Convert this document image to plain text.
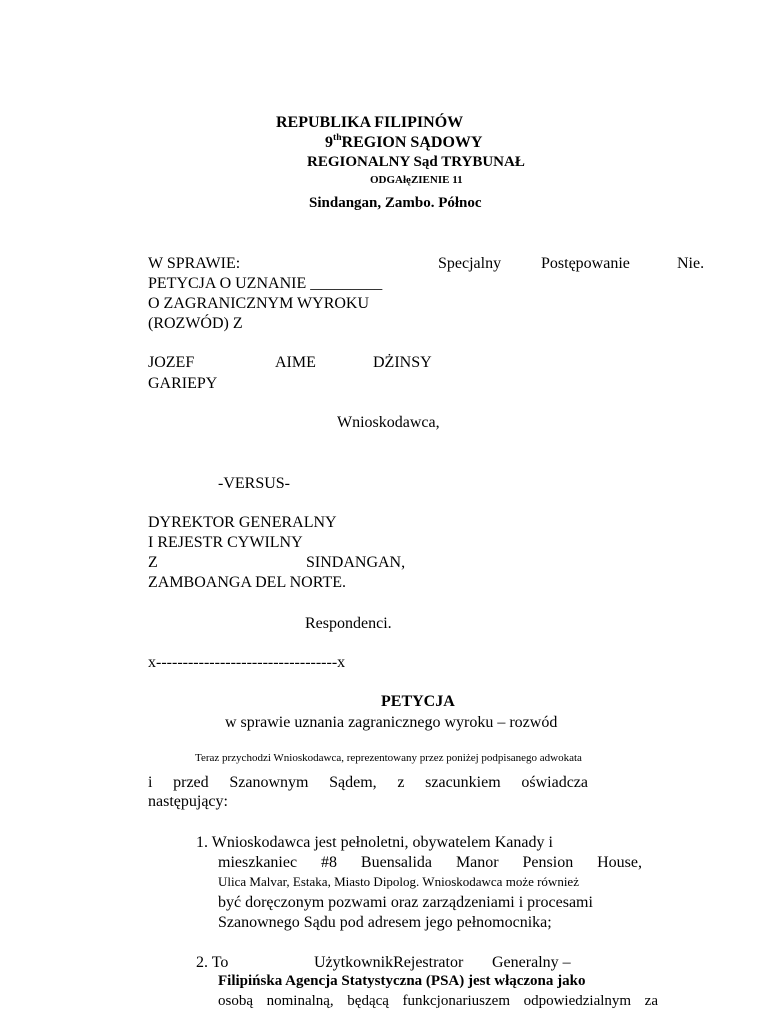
REPUBLIKA FILIPINÓW
9thREGION SĄDOWY
REGIONALNY Sąd TRYBUNAŁ
ODGAłęZIENIE 11
Sindangan, Zambo. Północ
W SPRAWIE:	Specjalny Postępowanie	Nie.
PETYCJA O UZNANIE _________
O ZAGRANICZNYM WYROKU
(ROZWÓD) Z
JOZEF	AIME	DŻINSY
GARIEPY
Wnioskodawca,
-VERSUS-
DYREKTOR GENERALNY
I REJESTR CYWILNY
Z	SINDANGAN,
ZAMBOANGA DEL NORTE.
Respondenci.
x----------------------------------x
PETYCJA
w sprawie uznania zagranicznego wyroku – rozwód
Teraz przychodzi Wnioskodawca, reprezentowany przez poniżej podpisanego adwokata
i przed Szanownym Sądem, z szacunkiem oświadcza
następujący:
1. Wnioskodawca jest pełnoletni, obywatelem Kanady i
mieszkaniec #8 Buensalida Manor Pension House,
Ulica Malvar, Estaka, Miasto Dipolog. Wnioskodawca może również
być doręczonym pozwami oraz zarządzeniami i procesami
Szanownego Sądu pod adresem jego pełnomocnika;
2. To	UżytkownikRejestrator Generalny –
Filipińska Agencja Statystyczna (PSA) jest włączona jako
osobą nominalną, będącą funkcjonariuszem odpowiedzialnym za
